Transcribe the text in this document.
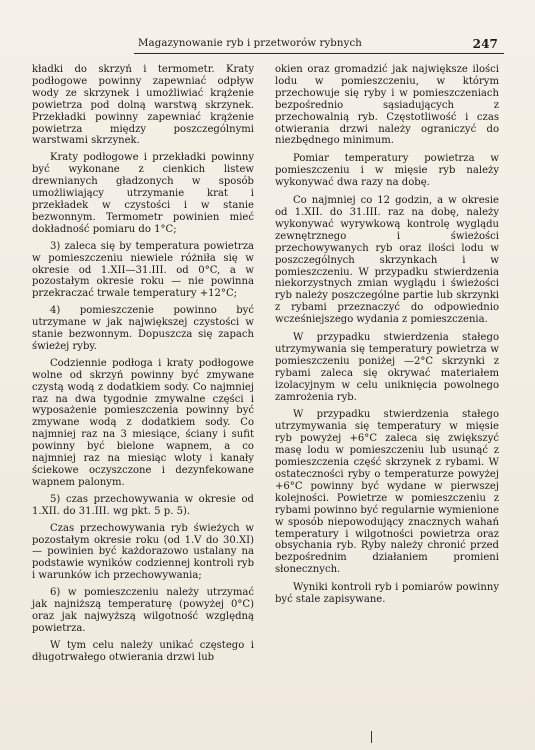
Magazynowanie ryb i przetworów rybnych	247

kładki do skrzyń i termometr. Kraty podłogowe powinny zapewniać odpływ wody ze skrzynek i umożliwiać krążenie powietrza pod dolną warstwą skrzynek. Przekładki powinny zapewniać krążenie powietrza między poszczególnymi warstwami skrzynek.

Kraty podłogowe i przekładki powinny być wykonane z cienkich listew drewnianych gładzonych w sposób umożliwiający utrzymanie krat i przekładek w czystości i w stanie bezwonnym. Termometr powinien mieć dokładność pomiaru do 1°C;

3) zaleca się by temperatura powietrza w pomieszczeniu niewiele różniła się w okresie od 1.XII—31.III. od 0°C, a w pozostałym okresie roku — nie powinna przekraczać trwale temperatury +12°C;

4) pomieszczenie powinno być utrzymane w jak największej czystości w stanie bezwonnym. Dopuszcza się zapach świeżej ryby.

Codziennie podłoga i kraty podłogowe wolne od skrzyń powinny być zmywane czystą wodą z dodatkiem sody. Co najmniej raz na dwa tygodnie zmywalne części i wyposażenie pomieszczenia powinny być zmywane wodą z dodatkiem sody. Co najmniej raz na 3 miesiące, ściany i sufit powinny być bielone wapnem, a co najmniej raz na miesiąc wloty i kanały ściekowe oczyszczone i dezynfekowane wapnem palonym.

5) czas przechowywania w okresie od 1.XII. do 31.III. wg pkt. 5 p. 5).

Czas przechowywania ryb świeżych w pozostałym okresie roku (od 1.V do 30.XI) — powinien być każdorazowo ustalany na podstawie wyników codziennej kontroli ryb i warunków ich przechowywania;

6) w pomieszczeniu należy utrzymać jak najniższą temperaturę (powyżej 0°C) oraz jak najwyższą wilgotność względną powietrza.

W tym celu należy unikać częstego i długotrwałego otwierania drzwi lub

okien oraz gromadzić jak największe ilości lodu w pomieszczeniu, w którym przechowuje się ryby i w pomieszczeniach bezpośrednio sąsiadujących z przechowalnią ryb. Częstotliwość i czas otwierania drzwi należy ograniczyć do niezbędnego minimum.

Pomiar temperatury powietrza w pomieszczeniu i w mięsie ryb należy wykonywać dwa razy na dobę.

Co najmniej co 12 godzin, a w okresie od 1.XII. do 31.III. raz na dobę, należy wykonywać wyrywkową kontrolę wyglądu zewnętrznego i świeżości przechowywanych ryb oraz ilości lodu w poszczególnych skrzynkach i w pomieszczeniu. W przypadku stwierdzenia niekorzystnych zmian wyglądu i świeżości ryb należy poszczególne partie lub skrzynki z rybami przeznaczyć do odpowiednio wcześniejszego wydania z pomieszczenia.

W przypadku stwierdzenia stałego utrzymywania się temperatury powietrza w pomieszczeniu poniżej —2°C skrzynki z rybami zaleca się okrywać materiałem izolacyjnym w celu uniknięcia powolnego zamrożenia ryb.

W przypadku stwierdzenia stałego utrzymywania się temperatury w mięsie ryb powyżej +6°C zaleca się zwiększyć masę lodu w pomieszczeniu lub usunąć z pomieszczenia część skrzynek z rybami. W ostateczności ryby o temperaturze powyżej +6°C powinny być wydane w pierwszej kolejności. Powietrze w pomieszczeniu z rybami powinno być regularnie wymienione w sposób niepowodujący znacznych wahań temperatury i wilgotności powietrza oraz obsychania ryb. Ryby należy chronić przed bezpośrednim działaniem promieni słonecznych.

Wyniki kontroli ryb i pomiarów powinny być stale zapisywane.
